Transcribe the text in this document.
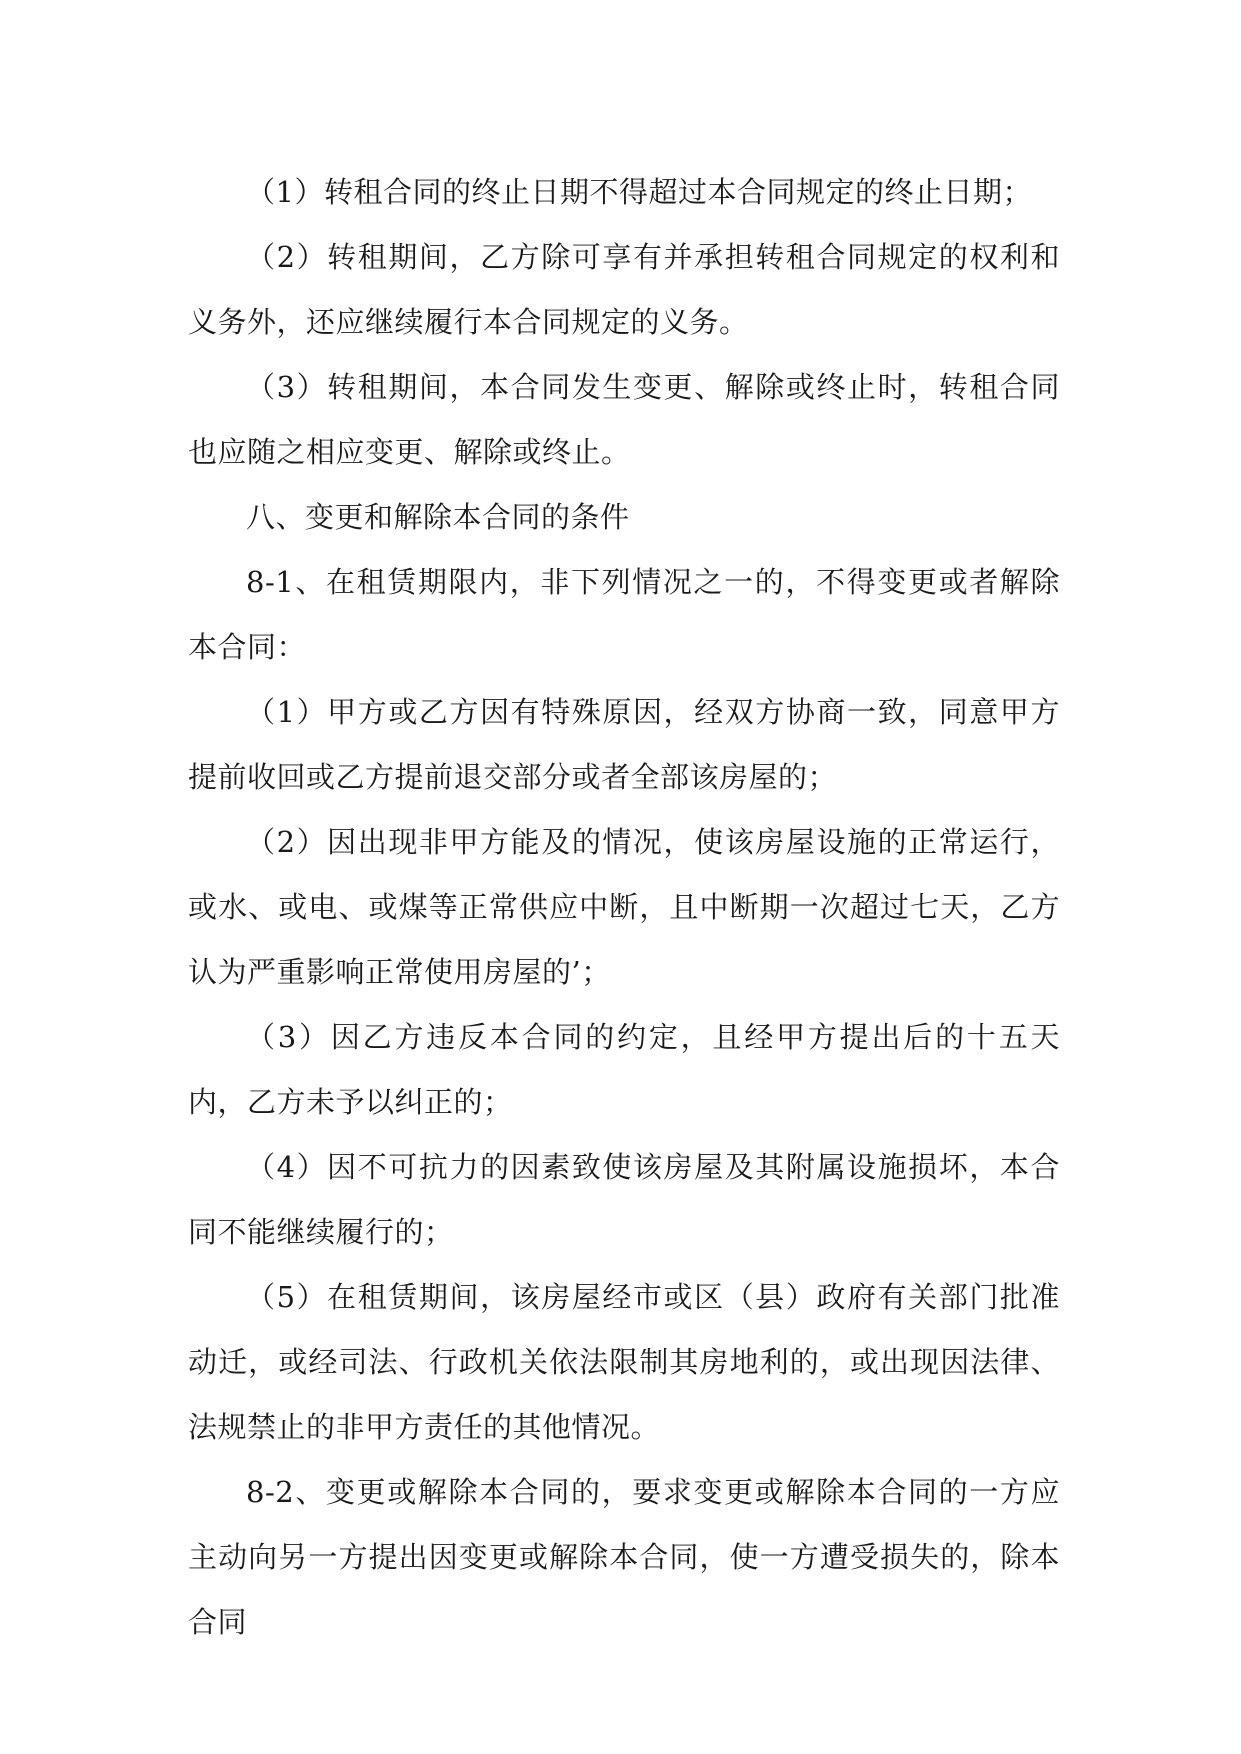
（1）转租合同的终止日期不得超过本合同规定的终止日期；

（2）转租期间，乙方除可享有并承担转租合同规定的权利和义务外，还应继续履行本合同规定的义务。

（3）转租期间，本合同发生变更、解除或终止时，转租合同也应随之相应变更、解除或终止。

八、变更和解除本合同的条件

8-1、在租赁期限内，非下列情况之一的，不得变更或者解除本合同：

（1）甲方或乙方因有特殊原因，经双方协商一致，同意甲方提前收回或乙方提前退交部分或者全部该房屋的；

（2）因出现非甲方能及的情况，使该房屋设施的正常运行，或水、或电、或煤等正常供应中断，且中断期一次超过七天，乙方认为严重影响正常使用房屋的’；

（3）因乙方违反本合同的约定，且经甲方提出后的十五天内，乙方未予以纠正的；

（4）因不可抗力的因素致使该房屋及其附属设施损坏，本合同不能继续履行的；

（5）在租赁期间，该房屋经市或区（县）政府有关部门批准动迁，或经司法、行政机关依法限制其房地利的，或出现因法律、法规禁止的非甲方责任的其他情况。

8-2、变更或解除本合同的，要求变更或解除本合同的一方应主动向另一方提出因变更或解除本合同，使一方遭受损失的，除本合同
